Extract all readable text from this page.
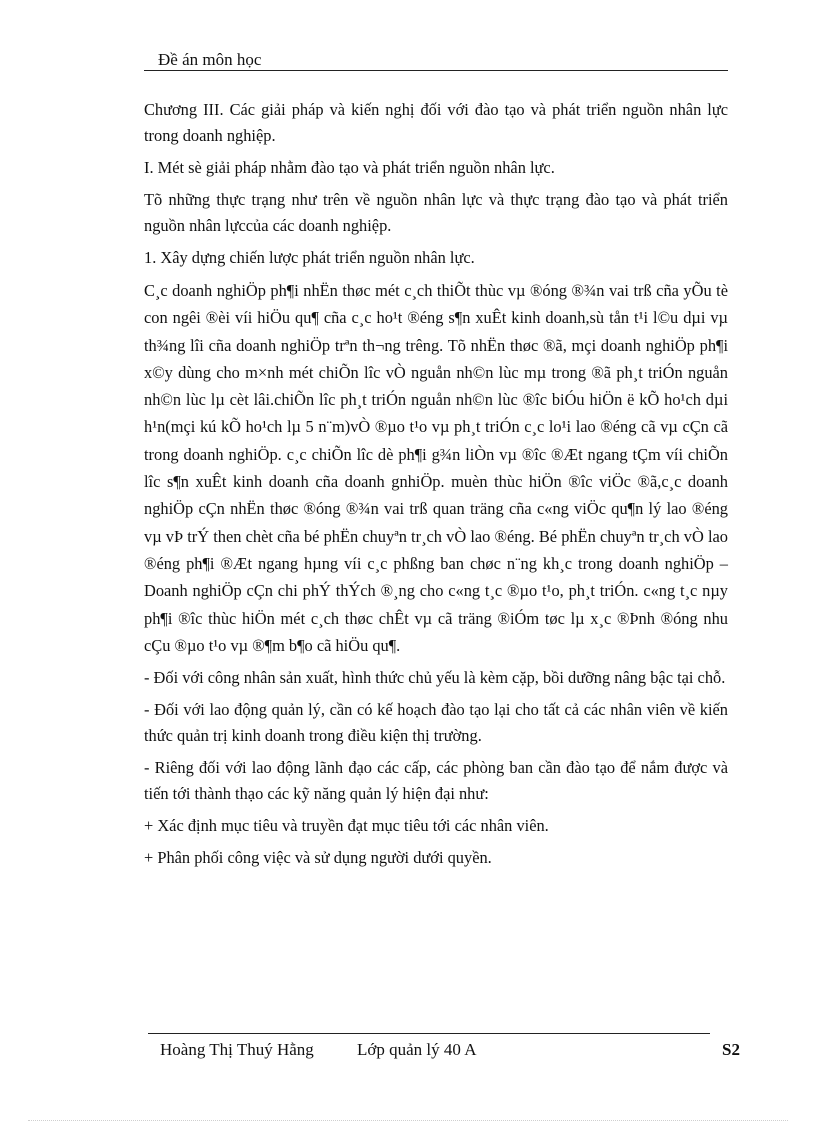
Đề án môn học

Chương III. Các giải pháp và kiến nghị đối với đào tạo và phát triển nguồn nhân lực trong doanh nghiệp.

I. Mét sè giải pháp nhằm đào tạo và phát triển nguồn nhân lực.

Tõ những thực trạng như trên về nguồn nhân lực và thực trạng đào tạo và phát triển nguồn nhân lựccủa các doanh nghiệp.

1. Xây dựng chiến lược phát triển nguồn nhân lực.

C¸c doanh nghiÖp ph¶i nhËn thøc mét c¸ch thiÕt thùc vµ ®óng ®¾n vai trß cña yÕu tè con ngêi ®èi víi hiÖu qu¶ cña c¸c ho¹t ®éng s¶n xuÊt kinh doanh,sù tån t¹i l©u dµi vµ th¾ng lîi cña doanh nghiÖp trªn th¬ng trêng. Tõ nhËn thøc ®ã, mçi doanh nghiÖp ph¶i x©y dùng cho m×nh mét chiÕn lîc vÒ nguån nh©n lùc mµ trong ®ã ph¸t triÓn nguån nh©n lùc lµ cèt lâi.chiÕn lîc ph¸t triÓn nguån nh©n lùc ®îc biÓu hiÖn ë kÕ ho¹ch dµi h¹n(mçi kú kÕ ho¹ch lµ 5 n¨m)vÒ ®µo t¹o vµ ph¸t triÓn c¸c lo¹i lao ®éng cã vµ cÇn cã trong doanh nghiÖp. c¸c chiÕn lîc dè ph¶i g¾n liÒn vµ ®îc ®Æt ngang tÇm víi chiÕn lîc s¶n xuÊt kinh doanh cña doanh gnhiÖp. muèn thùc hiÖn ®îc viÖc ®ã,c¸c doanh nghiÖp cÇn nhËn thøc ®óng ®¾n vai trß quan träng cña c«ng viÖc qu¶n lý lao ®éng vµ vÞ trÝ then chèt cña bé phËn chuyªn tr¸ch vÒ lao ®éng. Bé phËn chuyªn tr¸ch vÒ lao ®éng ph¶i ®Æt ngang hµng víi c¸c phßng ban chøc n¨ng kh¸c trong doanh nghiÖp –Doanh nghiÖp cÇn chi phÝ thÝch ®¸ng cho c«ng t¸c ®µo t¹o, ph¸t triÓn. c«ng t¸c nµy ph¶i ®îc thùc hiÖn mét c¸ch thøc chÊt vµ cã träng ®iÓm tøc lµ x¸c ®Þnh ®óng nhu cÇu ®µo t¹o vµ ®¶m b¶o cã hiÖu qu¶.

- Đối với công nhân sản xuất, hình thức chủ yếu là kèm cặp, bồi dưỡng nâng bậc tại chỗ.

- Đối với lao động quản lý, cần có kế hoạch đào tạo lại cho tất cả các nhân viên về kiến thức quản trị kinh doanh trong điều kiện thị trường.

- Riêng đối với lao động lãnh đạo các cấp, các phòng ban cần đào tạo để nắm được và tiến tới thành thạo các kỹ năng quản lý hiện đại như:

+ Xác định mục tiêu và truyền đạt mục tiêu tới các nhân viên.

+ Phân phối công việc và sử dụng người dưới quyền.

Hoàng Thị Thuý Hằng	Lớp quản lý 40 A	S2
